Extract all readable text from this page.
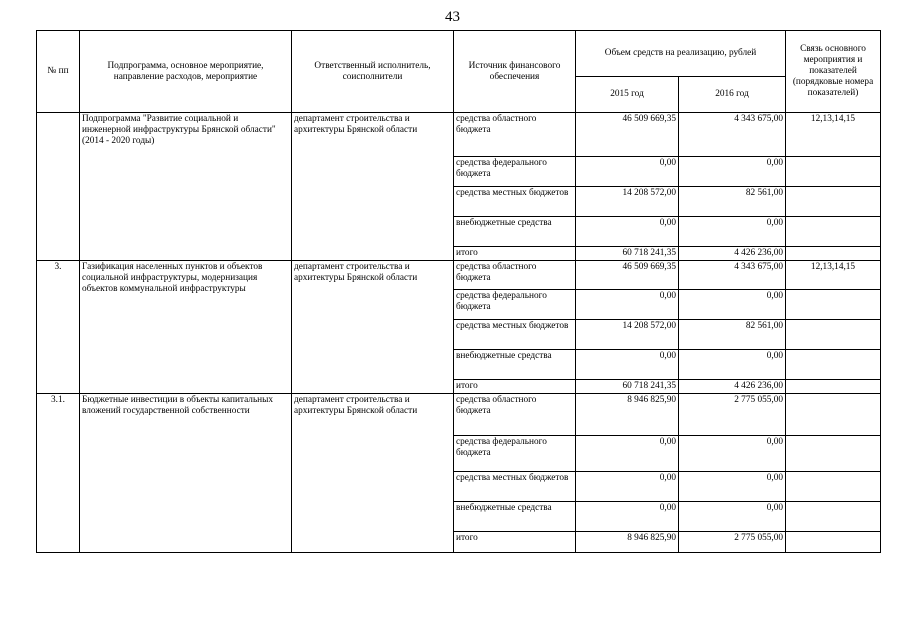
43
№ пп	Подпрограмма, основное мероприятие, направление расходов, мероприятие	Ответственный исполнитель, соисполнители	Источник финансового обеспечения	Объем средств на реализацию, рублей		Связь основного мероприятия и показателей (порядковые номера показателей)
				2015 год	2016 год	
	Подпрограмма "Развитие социальной и инженерной инфраструктуры Брянской области" (2014 - 2020 годы)	департамент строительства и архитектуры Брянской области	средства областного бюджета	46 509 669,35	4 343 675,00	12,13,14,15
			средства федерального бюджета	0,00	0,00	
			средства местных бюджетов	14 208 572,00	82 561,00	
			внебюджетные средства	0,00	0,00	
			итого	60 718 241,35	4 426 236,00	
3.	Газификация населенных пунктов и объектов социальной инфраструктуры, модернизация объектов коммунальной инфраструктуры	департамент строительства и архитектуры Брянской области	средства областного бюджета	46 509 669,35	4 343 675,00	12,13,14,15
			средства федерального бюджета	0,00	0,00	
			средства местных бюджетов	14 208 572,00	82 561,00	
			внебюджетные средства	0,00	0,00	
			итого	60 718 241,35	4 426 236,00	
3.1.	Бюджетные инвестиции в объекты капитальных вложений государственной собственности	департамент строительства и архитектуры Брянской области	средства областного бюджета	8 946 825,90	2 775 055,00	
			средства федерального бюджета	0,00	0,00	
			средства местных бюджетов	0,00	0,00	
			внебюджетные средства	0,00	0,00	
			итого	8 946 825,90	2 775 055,00	
